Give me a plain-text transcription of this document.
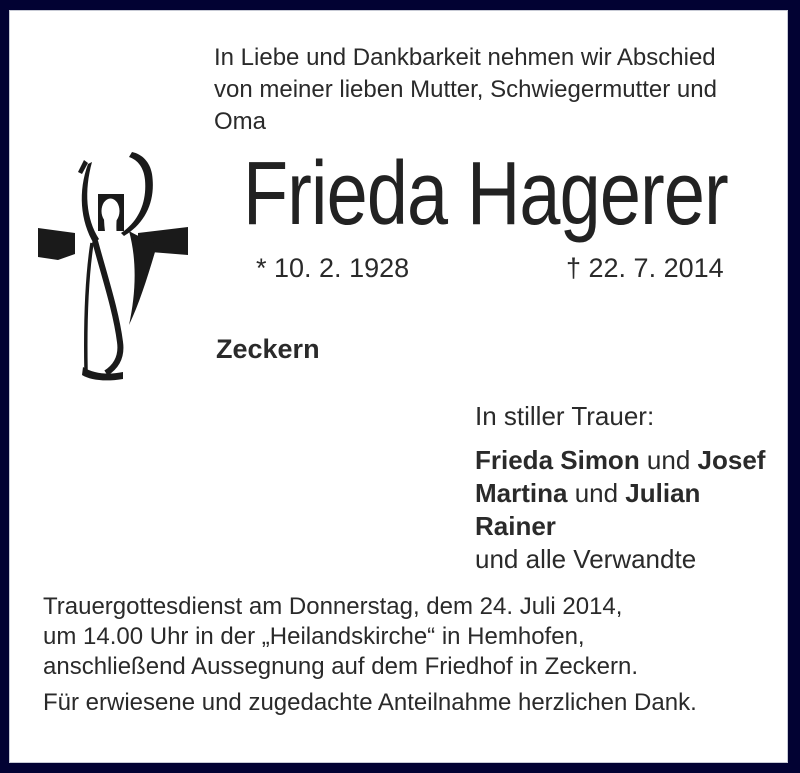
In Liebe und Dankbarkeit nehmen wir Abschied
von meiner lieben Mutter, Schwiegermutter und
Oma
Frieda Hagerer
* 10. 2. 1928	† 22. 7. 2014
Zeckern
In stiller Trauer:
Frieda Simon und Josef
Martina und Julian
Rainer
und alle Verwandte
Trauergottesdienst am Donnerstag, dem 24. Juli 2014,
um 14.00 Uhr in der „Heilandskirche“ in Hemhofen,
anschließend Aussegnung auf dem Friedhof in Zeckern.
Für erwiesene und zugedachte Anteilnahme herzlichen Dank.
